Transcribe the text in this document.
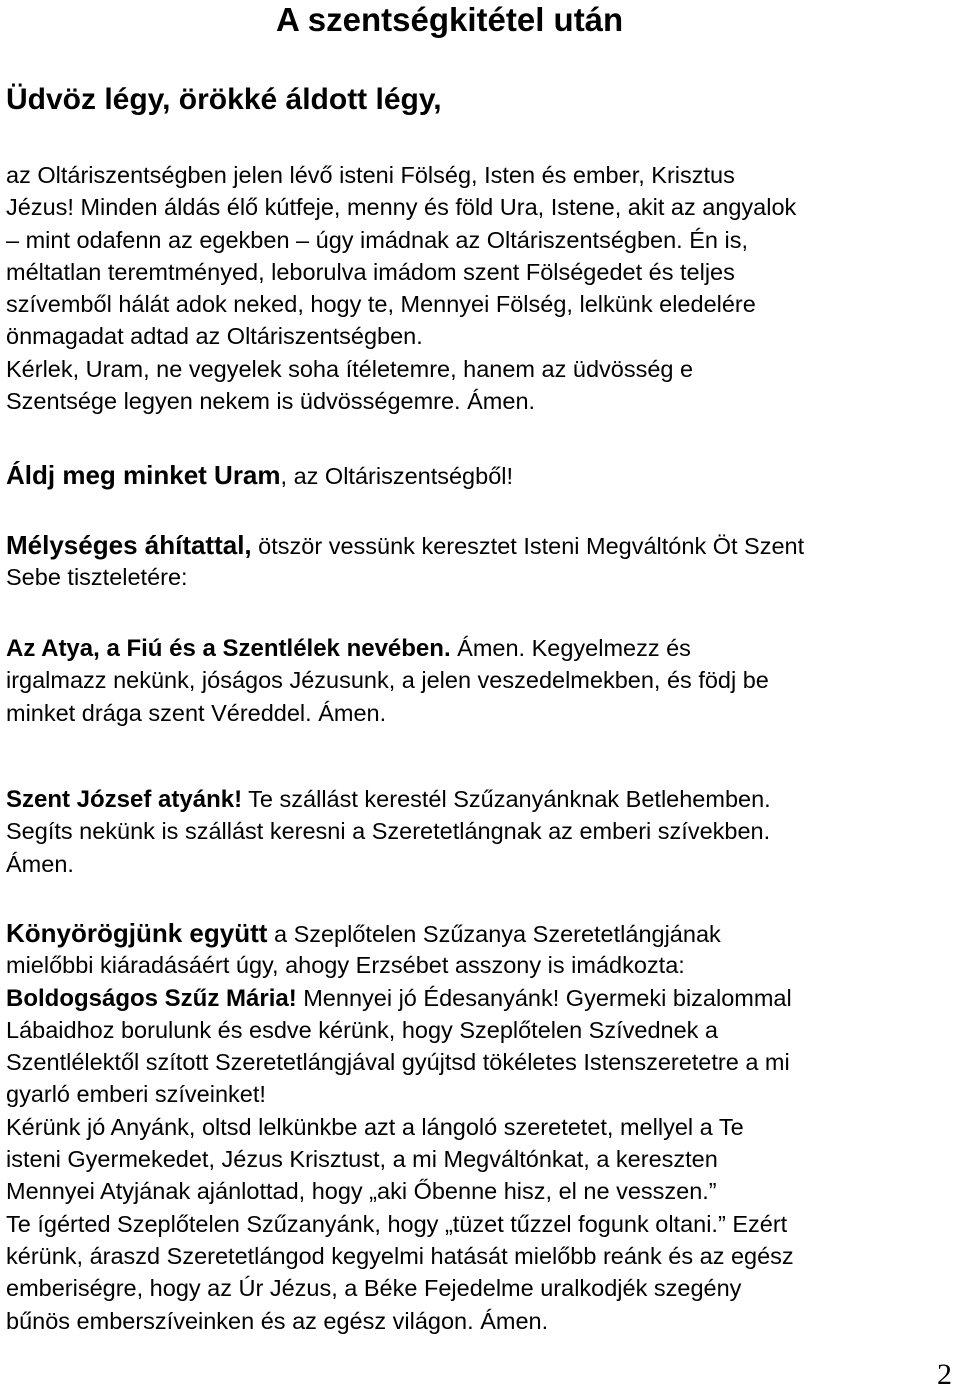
A szentségkitétel után
Üdvöz légy, örökké áldott légy,
az Oltáriszentségben jelen lévő isteni Fölség, Isten és ember, Krisztus
Jézus! Minden áldás élő kútfeje, menny és föld Ura, Istene, akit az angyalok
– mint odafenn az egekben – úgy imádnak az Oltáriszentségben. Én is,
méltatlan teremtményed, leborulva imádom szent Fölségedet és teljes
szívemből hálát adok neked, hogy te, Mennyei Fölség, lelkünk eledelére
önmagadat adtad az Oltáriszentségben.
Kérlek, Uram, ne vegyelek soha ítéletemre, hanem az üdvösség e
Szentsége legyen nekem is üdvösségemre. Ámen.
Áldj meg minket Uram, az Oltáriszentségből!
Mélységes áhítattal, ötször vessünk keresztet Isteni Megváltónk Öt Szent
Sebe tiszteletére:
Az Atya, a Fiú és a Szentlélek nevében. Ámen. Kegyelmezz és
irgalmazz nekünk, jóságos Jézusunk, a jelen veszedelmekben, és födj be
minket drága szent Véreddel. Ámen.
Szent József atyánk! Te szállást kerestél Szűzanyánknak Betlehemben.
Segíts nekünk is szállást keresni a Szeretetlángnak az emberi szívekben.
Ámen.
Könyörögjünk együtt a Szeplőtelen Szűzanya Szeretetlángjának
mielőbbi kiáradásáért úgy, ahogy Erzsébet asszony is imádkozta:
Boldogságos Szűz Mária! Mennyei jó Édesanyánk! Gyermeki bizalommal
Lábaidhoz borulunk és esdve kérünk, hogy Szeplőtelen Szívednek a
Szentlélektől szított Szeretetlángjával gyújtsd tökéletes Istenszeretetre a mi
gyarló emberi szíveinket!
Kérünk jó Anyánk, oltsd lelkünkbe azt a lángoló szeretetet, mellyel a Te
isteni Gyermekedet, Jézus Krisztust, a mi Megváltónkat, a kereszten
Mennyei Atyjának ajánlottad, hogy „aki Őbenne hisz, el ne vesszen.”
Te ígérted Szeplőtelen Szűzanyánk, hogy „tüzet tűzzel fogunk oltani.” Ezért
kérünk, áraszd Szeretetlángod kegyelmi hatását mielőbb reánk és az egész
emberiségre, hogy az Úr Jézus, a Béke Fejedelme uralkodjék szegény
bűnös emberszíveinken és az egész világon. Ámen.
2
